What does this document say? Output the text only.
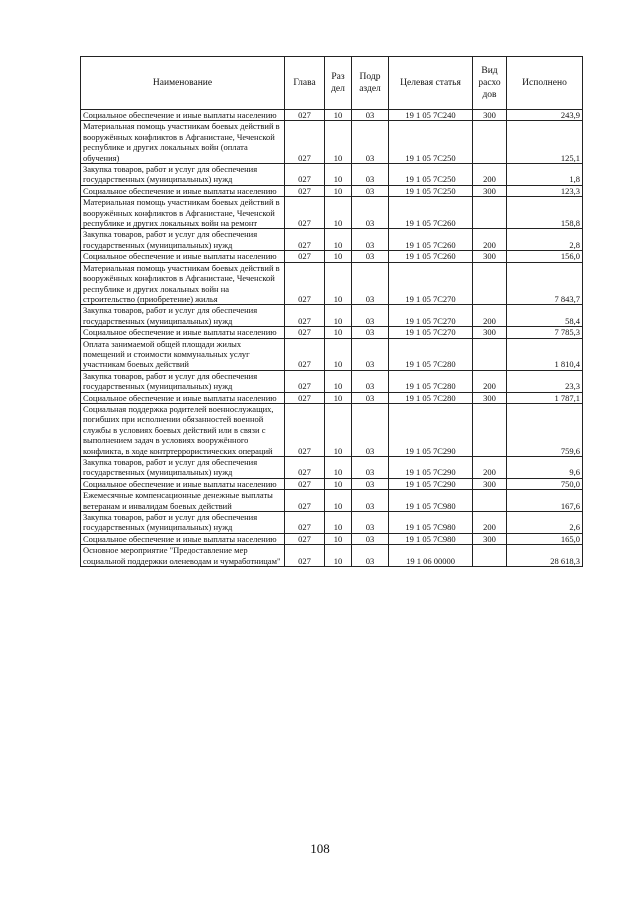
Наименование	Глава	Раз дел	Подр аздел	Целевая статья	Вид расхо дов	Исполнено
Социальное обеспечение и иные выплаты населению	027	10	03	19 1 05 7С240	300	243,9
Материальная помощь участникам боевых действий в вооружённых конфликтов в Афганистане, Чеченской республике и других локальных войн (оплата обучения)	027	10	03	19 1 05 7С250		125,1
Закупка товаров, работ и услуг для обеспечения государственных (муниципальных) нужд	027	10	03	19 1 05 7С250	200	1,8
Социальное обеспечение и иные выплаты населению	027	10	03	19 1 05 7С250	300	123,3
Материальная помощь участникам боевых действий в вооружённых конфликтов в Афганистане, Чеченской республике и других локальных войн на ремонт	027	10	03	19 1 05 7С260		158,8
Закупка товаров, работ и услуг для обеспечения государственных (муниципальных) нужд	027	10	03	19 1 05 7С260	200	2,8
Социальное обеспечение и иные выплаты населению	027	10	03	19 1 05 7С260	300	156,0
Материальная помощь участникам боевых действий в вооружённых конфликтов в Афганистане, Чеченской республике и других локальных войн на строительство (приобретение) жилья	027	10	03	19 1 05 7С270		7 843,7
Закупка товаров, работ и услуг для обеспечения государственных (муниципальных) нужд	027	10	03	19 1 05 7С270	200	58,4
Социальное обеспечение и иные выплаты населению	027	10	03	19 1 05 7С270	300	7 785,3
Оплата занимаемой общей площади жилых помещений и стоимости коммунальных услуг участникам боевых действий	027	10	03	19 1 05 7С280		1 810,4
Закупка товаров, работ и услуг для обеспечения государственных (муниципальных) нужд	027	10	03	19 1 05 7С280	200	23,3
Социальное обеспечение и иные выплаты населению	027	10	03	19 1 05 7С280	300	1 787,1
Социальная поддержка родителей военнослужащих, погибших при исполнении обязанностей военной службы в условиях боевых действий или в связи с выполнением задач в условиях вооружённого конфликта, в ходе контртеррористических операций	027	10	03	19 1 05 7С290		759,6
Закупка товаров, работ и услуг для обеспечения государственных (муниципальных) нужд	027	10	03	19 1 05 7С290	200	9,6
Социальное обеспечение и иные выплаты населению	027	10	03	19 1 05 7С290	300	750,0
Ежемесячные компенсационные денежные выплаты ветеранам и инвалидам боевых действий	027	10	03	19 1 05 7С980		167,6
Закупка товаров, работ и услуг для обеспечения государственных (муниципальных) нужд	027	10	03	19 1 05 7С980	200	2,6
Социальное обеспечение и иные выплаты населению	027	10	03	19 1 05 7С980	300	165,0
Основное мероприятие "Предоставление мер социальной поддержки оленеводам и чумработницам"	027	10	03	19 1 06 00000		28 618,3
108
